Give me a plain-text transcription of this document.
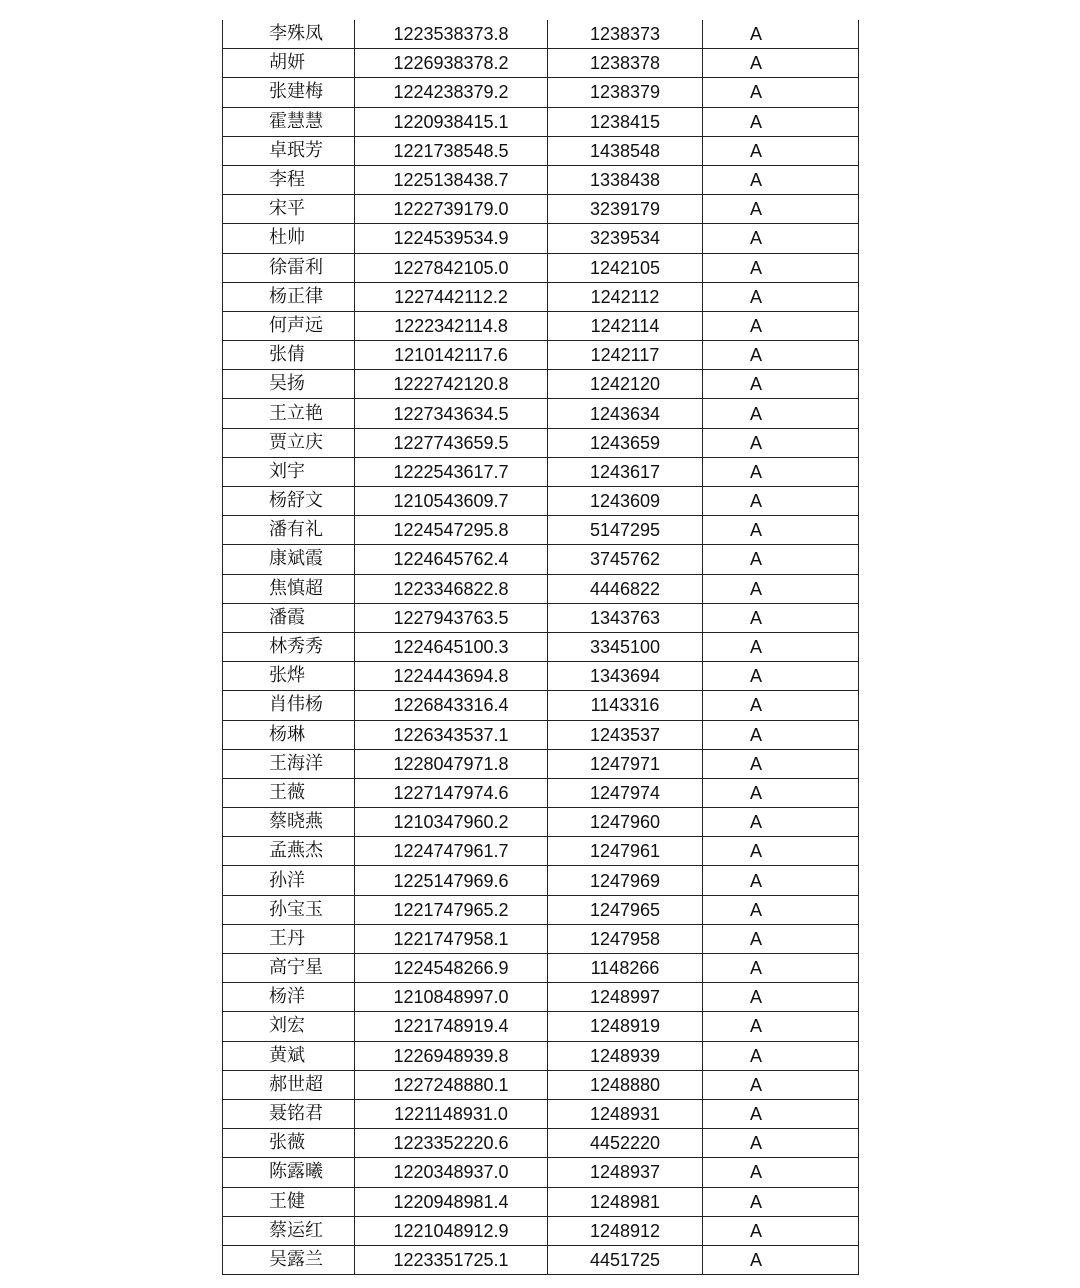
李殊凤	1223538373.8	1238373	A
胡妍	1226938378.2	1238378	A
张建梅	1224238379.2	1238379	A
霍慧慧	1220938415.1	1238415	A
卓珉芳	1221738548.5	1438548	A
李程	1225138438.7	1338438	A
宋平	1222739179.0	3239179	A
杜帅	1224539534.9	3239534	A
徐雷利	1227842105.0	1242105	A
杨正律	1227442112.2	1242112	A
何声远	1222342114.8	1242114	A
张倩	1210142117.6	1242117	A
吴扬	1222742120.8	1242120	A
王立艳	1227343634.5	1243634	A
贾立庆	1227743659.5	1243659	A
刘宇	1222543617.7	1243617	A
杨舒文	1210543609.7	1243609	A
潘有礼	1224547295.8	5147295	A
康斌霞	1224645762.4	3745762	A
焦慎超	1223346822.8	4446822	A
潘霞	1227943763.5	1343763	A
林秀秀	1224645100.3	3345100	A
张烨	1224443694.8	1343694	A
肖伟杨	1226843316.4	1143316	A
杨琳	1226343537.1	1243537	A
王海洋	1228047971.8	1247971	A
王薇	1227147974.6	1247974	A
蔡晓燕	1210347960.2	1247960	A
孟燕杰	1224747961.7	1247961	A
孙洋	1225147969.6	1247969	A
孙宝玉	1221747965.2	1247965	A
王丹	1221747958.1	1247958	A
高宁星	1224548266.9	1148266	A
杨洋	1210848997.0	1248997	A
刘宏	1221748919.4	1248919	A
黄斌	1226948939.8	1248939	A
郝世超	1227248880.1	1248880	A
聂铭君	1221148931.0	1248931	A
张薇	1223352220.6	4452220	A
陈露曦	1220348937.0	1248937	A
王健	1220948981.4	1248981	A
蔡运红	1221048912.9	1248912	A
吴露兰	1223351725.1	4451725	A
